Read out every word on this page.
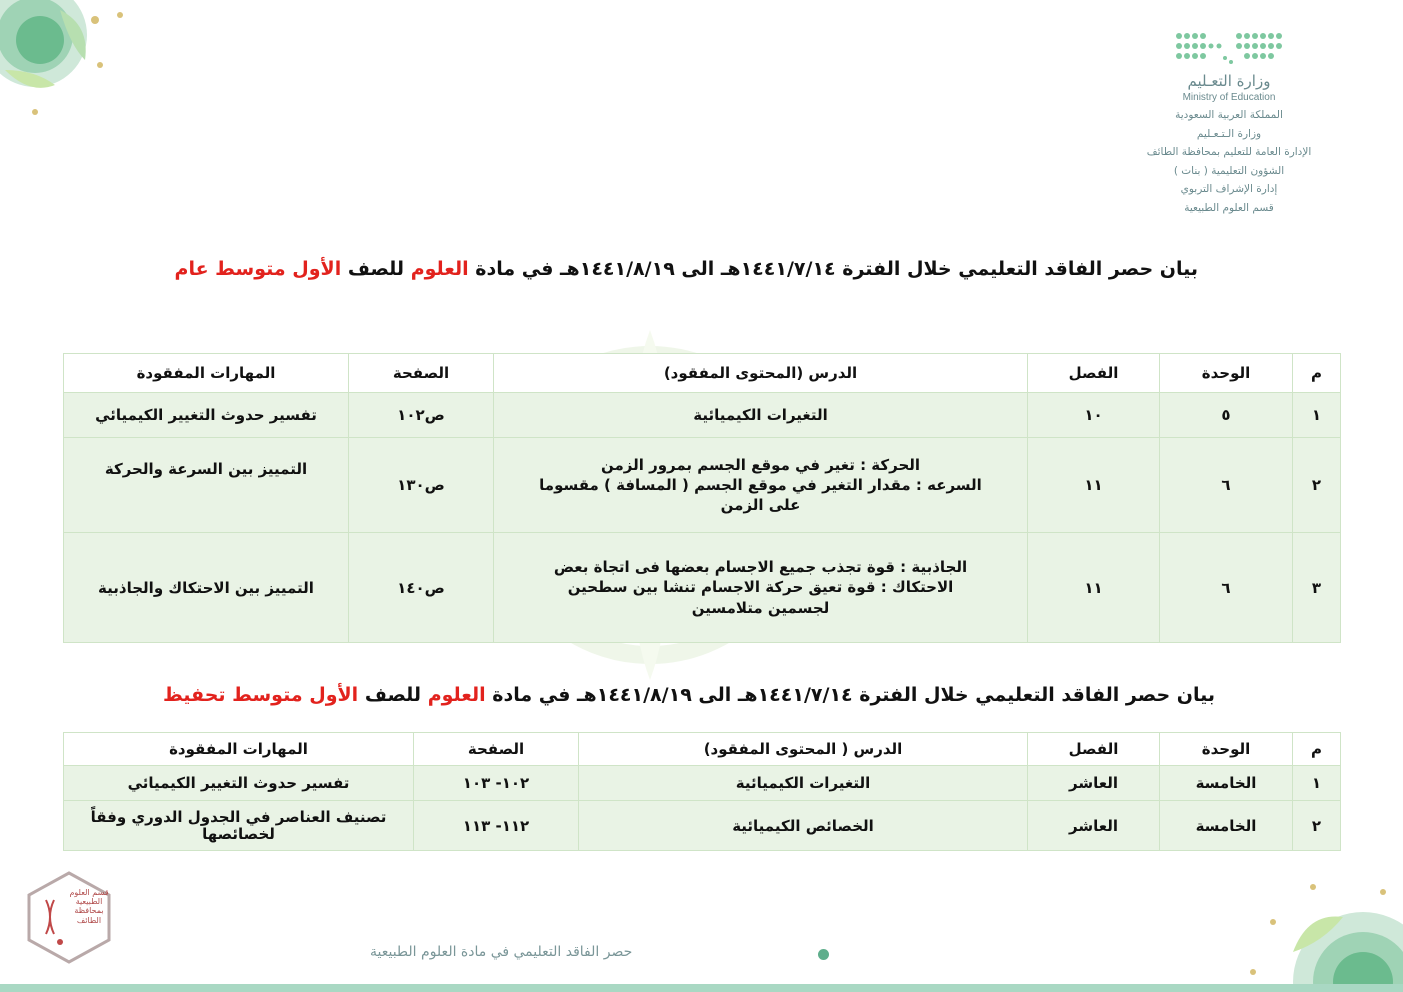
وزارة التعـليم
Ministry of Education
المملكة العربية السعودية
وزارة الـتـعـليم
الإدارة العامة للتعليم بمحافظة الطائف
الشؤون التعليمية ( بنات )
إدارة الإشراف التربوي
قسم العلوم الطبيعية
بيان حصر الفاقد التعليمي خلال الفترة ١٤٤١/٧/١٤هـ الى ١٤٤١/٨/١٩هـ في مادة العلوم للصف الأول متوسط عام
م	الوحدة	الفصل	الدرس (المحتوى المفقود)	الصفحة	المهارات المفقودة
١	٥	١٠	التغيرات الكيميائية	ص١٠٢	تفسير حدوث التغيير الكيميائي
٢	٦	١١	الحركة : تغير في موقع الجسم بمرور الزمن
السرعه : مقدار التغير في موقع الجسم ( المسافة ) مقسوما
على الزمن	ص١٣٠	التمييز بين السرعة والحركة
٣	٦	١١	الجاذبية : قوة تجذب جميع الاجسام بعضها فى اتجاة بعض
الاحتكاك : قوة تعيق حركة الاجسام تنشا بين سطحين
لجسمين متلامسين	ص١٤٠	التمييز بين الاحتكاك والجاذبية
بيان حصر الفاقد التعليمي خلال الفترة ١٤٤١/٧/١٤هـ الى ١٤٤١/٨/١٩هـ في مادة العلوم للصف الأول متوسط تحفيظ
م	الوحدة	الفصل	الدرس ( المحتوى المفقود)	الصفحة	المهارات المفقودة
١	الخامسة	العاشر	التغيرات الكيميائية	١٠٢- ١٠٣	تفسير حدوث التغيير الكيميائي
٢	الخامسة	العاشر	الخصائص الكيميائية	١١٢- ١١٣	تصنيف العناصر في الجدول الدوري وفقاً لخصائصها
قسم العلوم الطبيعية بمحافظة الطائف
حصر الفاقد التعليمي في مادة العلوم الطبيعية
